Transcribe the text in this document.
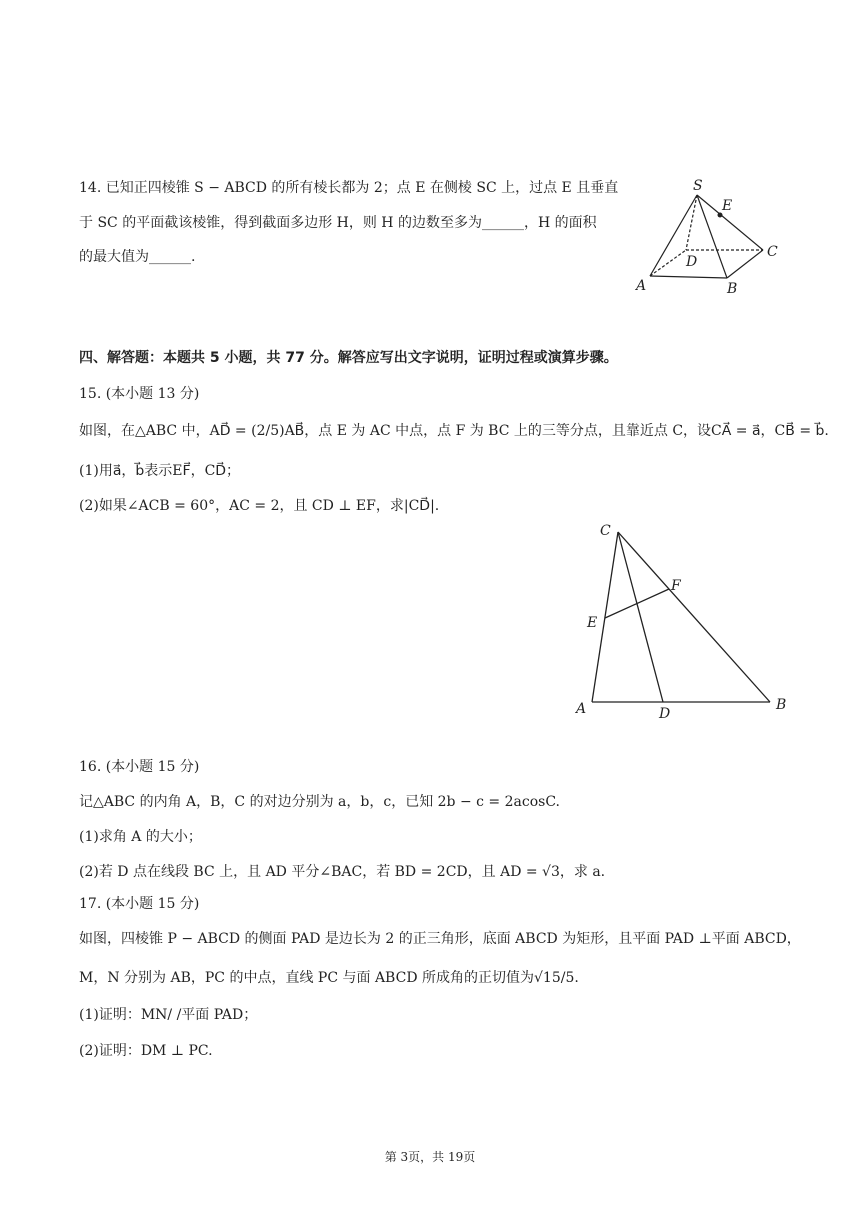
14. 已知正四棱锥 S − ABCD 的所有棱长都为 2；点 E 在侧棱 SC 上，过点 E 且垂直
于 SC 的平面截该棱锥，得到截面多边形 H，则 H 的边数至多为______，H 的面积
的最大值为______.
S
E
D
C
A	B
四、解答题：本题共 5 小题，共 77 分。解答应写出文字说明，证明过程或演算步骤。
15. (本小题 13 分)
如图，在△ABC 中，AD⃗ = (2/5)AB⃗，点 E 为 AC 中点，点 F 为 BC 上的三等分点，且靠近点 C，设CA⃗ = a⃗，CB⃗ = b⃗.
(1)用a⃗，b⃗表示EF⃗，CD⃗；
(2)如果∠ACB = 60°，AC = 2，且 CD ⊥ EF，求|CD⃗|.
C
F
E
A	D
B
16. (本小题 15 分)
记△ABC 的内角 A，B，C 的对边分别为 a，b，c，已知 2b − c = 2acosC.
(1)求角 A 的大小；
(2)若 D 点在线段 BC 上，且 AD 平分∠BAC，若 BD = 2CD，且 AD = √3，求 a.
17. (本小题 15 分)
如图，四棱锥 P − ABCD 的侧面 PAD 是边长为 2 的正三角形，底面 ABCD 为矩形，且平面 PAD ⊥平面 ABCD，
M，N 分别为 AB，PC 的中点，直线 PC 与面 ABCD 所成角的正切值为√15/5.
(1)证明：MN/ /平面 PAD；
(2)证明：DM ⊥ PC.
第 3页，共 19页
